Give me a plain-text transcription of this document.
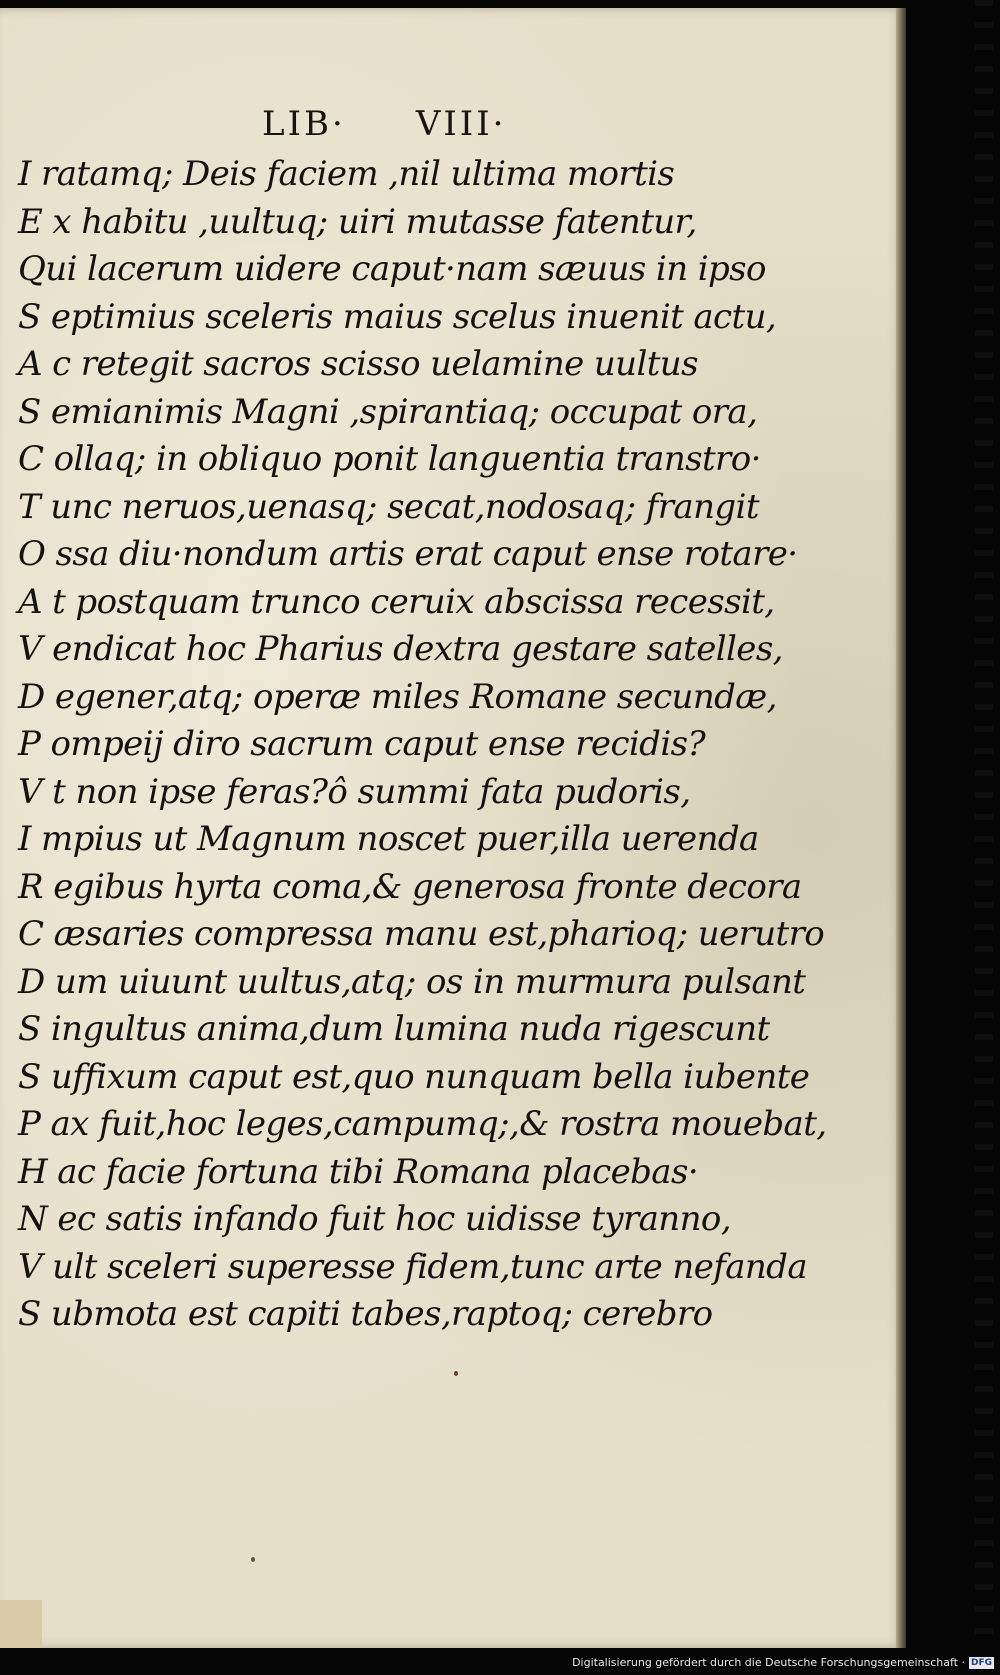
LIB· VIII·
I ratamq; Deis faciem ,nil ultima mortis
E x habitu ,uultuq; uiri mutasse fatentur,
Qui lacerum uidere caput·nam sæuus in ipso
S eptimius sceleris maius scelus inuenit actu,
A c retegit sacros scisso uelamine uultus
S emianimis Magni ,spirantiaq; occupat ora,
C ollaq; in obliquo ponit languentia transtro·
T unc neruos,uenasq; secat,nodosaq; frangit
O ssa diu·nondum artis erat caput ense rotare·
A t postquam trunco ceruix abscissa recessit,
V endicat hoc Pharius dextra gestare satelles,
D egener,atq; operæ miles Romane secundæ,
P ompeij diro sacrum caput ense recidis?
V t non ipse feras?ô summi fata pudoris,
I mpius ut Magnum noscet puer,illa uerenda
R egibus hyrta coma,& generosa fronte decora
C æsaries compressa manu est,pharioq; uerutro
D um uiuunt uultus,atq; os in murmura pulsant
S ingultus anima,dum lumina nuda rigescunt
S uffixum caput est,quo nunquam bella iubente
P ax fuit,hoc leges,campumq;,& rostra mouebat,
H ac facie fortuna tibi Romana placebas·
N ec satis infando fuit hoc uidisse tyranno,
V ult sceleri superesse fidem,tunc arte nefanda
S ubmota est capiti tabes,raptoq; cerebro
Digitalisierung gefördert durch die Deutsche Forschungsgemeinschaft · DFG
